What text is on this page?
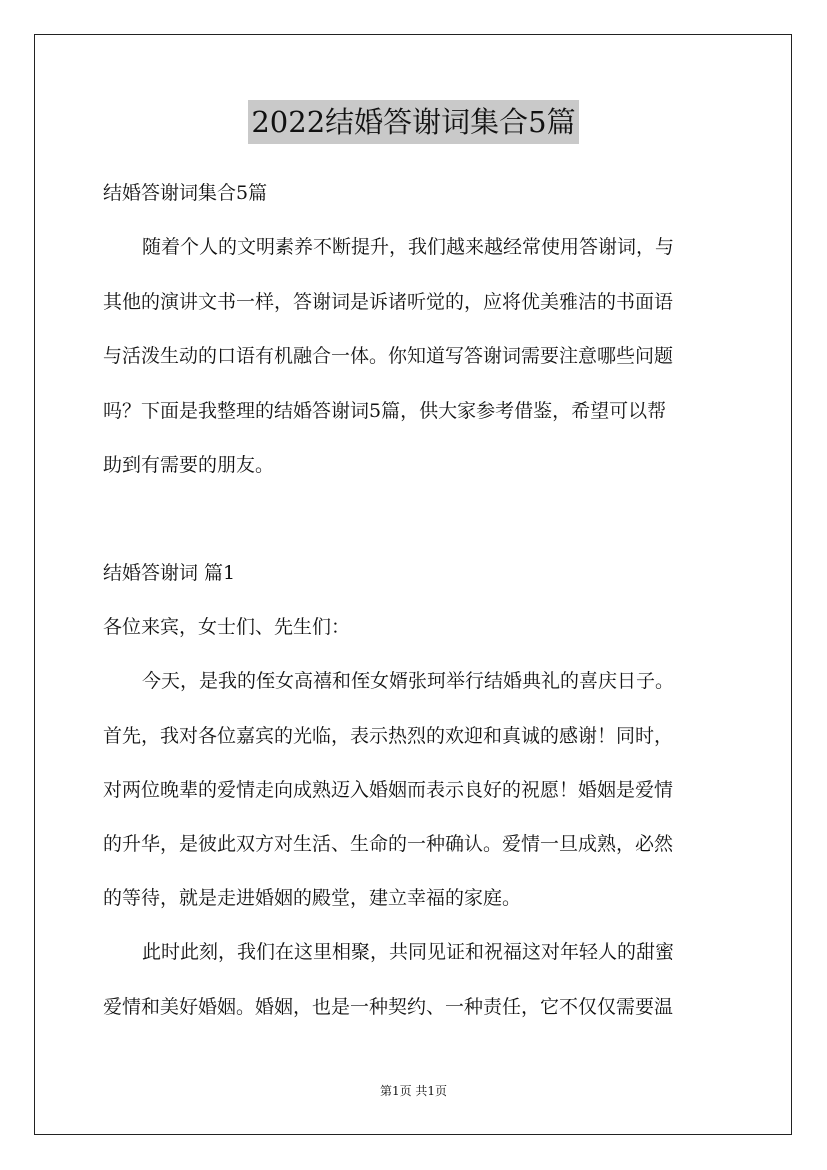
2022结婚答谢词集合5篇
结婚答谢词集合5篇
随着个人的文明素养不断提升，我们越来越经常使用答谢词，与
其他的演讲文书一样，答谢词是诉诸听觉的，应将优美雅洁的书面语
与活泼生动的口语有机融合一体。你知道写答谢词需要注意哪些问题
吗？下面是我整理的结婚答谢词5篇，供大家参考借鉴，希望可以帮
助到有需要的朋友。
结婚答谢词 篇1
各位来宾，女士们、先生们：
今天，是我的侄女高禧和侄女婿张珂举行结婚典礼的喜庆日子。
首先，我对各位嘉宾的光临，表示热烈的欢迎和真诚的感谢！同时，
对两位晚辈的爱情走向成熟迈入婚姻而表示良好的祝愿！婚姻是爱情
的升华，是彼此双方对生活、生命的一种确认。爱情一旦成熟，必然
的等待，就是走进婚姻的殿堂，建立幸福的家庭。
此时此刻，我们在这里相聚，共同见证和祝福这对年轻人的甜蜜
爱情和美好婚姻。婚姻，也是一种契约、一种责任，它不仅仅需要温
第1页 共1页
